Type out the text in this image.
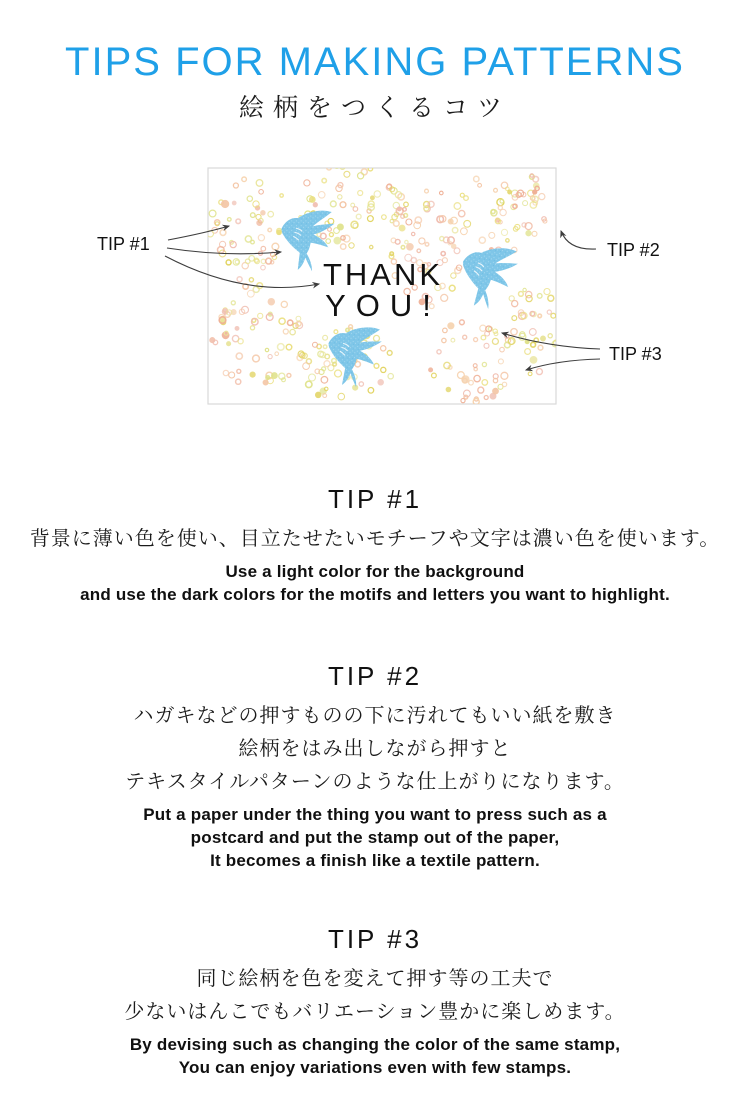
TIPS FOR MAKING PATTERNS
絵柄をつくるコツ
THANK
YOU!
TIP #1	TIP #2
TIP #3
TIP #1
背景に薄い色を使い、目立たせたいモチーフや文字は濃い色を使います。
Use a light color for the background
and use the dark colors for the motifs and letters you want to highlight.
TIP #2
ハガキなどの押すものの下に汚れてもいい紙を敷き
絵柄をはみ出しながら押すと
テキスタイルパターンのような仕上がりになります。
Put a paper under the thing you want to press such as a
postcard and put the stamp out of the paper,
It becomes a finish like a textile pattern.
TIP #3
同じ絵柄を色を変えて押す等の工夫で
少ないはんこでもバリエーション豊かに楽しめます。
By devising such as changing the color of the same stamp,
You can enjoy variations even with few stamps.
